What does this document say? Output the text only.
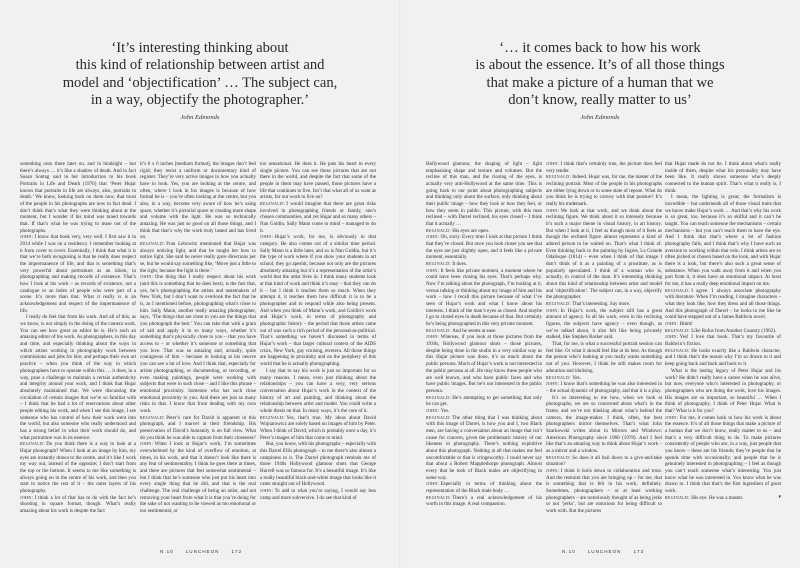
‘It’s interesting thinking about
this kind of relationship between artist and
model and ‘objectification’ … The subject can,
in a way, objectify the photographer.’
John Edmonds

something onto there later on, and in hindsight – but there’s always … it’s like a shadow of death. And in fact Susan Sontag said in her introduction to his book Portraits in Life and Death (1976) that ‘Peter Hujar knows that portraits in life are always, also, portraits in death.’ We know, looking back on them now, that most of the people in his photographs are now in fact dead. I don’t think that’s what they were thinking about at the moment, but I wonder if his mind was tuned towards that. If that’s what he was trying to tease out of the photographs.

john:I know that book very, very well. I first saw it in 2014 while I was on a residency. I remember looking at it from cover to cover. Essentially, I think that what it is that we’re both recognising is that he really does respect the impermanence of life, and that is something that’s very powerful about portraiture as an idiom, in photographing and making records of existence. That’s how I look at his work – as records of existence, not a catalogue or an index of people who were part of a scene. It’s more than that. What it really is is an acknowledgement and respect of the impermanence of life.

I really do feel that from his work. And all of this, as we know, is not simply in the doing of the camera work. You can see how great an editor he is. He’s such an amazing editor of his work. As photographers, in this day and time, and especially thinking about the ways in which artists working in photography work between commissions and jobs for hire, and perhaps their own art practice – when you think of the way in which photographers have to operate within this … it does, in a way, pose a challenge to maintain a certain authenticity and integrity around your work, and I think that Hujar absolutely maintained that. We were discussing the circulation of certain images that we’re so familiar with – I think that he had a lot of reservations about other people editing his work, and when I see this image, I see someone who has control of how their work went into the world, but also someone who really understood and has a strong belief in what their work should do, and what portraiture was in its essence.

reginald:Do you think there is a way to look at a Hujar photograph? When I look at an image by him, my eyes are instantly drawn to the centre, and it’s like I work my way out, instead of the opposite; I don’t start from the top or the bottom. It seems to me like something is always going on in the centre of his work, and then you start to notice the rest of it – the outer layers of his photography.

john:I think a lot of that has to do with the fact he’s shooting in square format, though. What’s really amazing about his work is despite the fact

it’s 6 x 6 inches [medium format], the images don’t feel rigid; they resist a uniform or documentary kind of register. They’re very active images in how you actually have to look. Yes, you are looking at the centre, and often, where I look in his images is because of how formal he is – you’re often looking at the centre, but you also, in a way, become very aware of how he’s using space, whether it’s pictorial space or creating more shape and volume with the light. He was so technically amazing. He was just so good on all those things, and I think that that’s why the work truly lasted and has lived on.

reginald:Fran Lebowitz mentioned that Hujar was always noticing light, and that he taught her how to notice light. She said he never really gave directions per se, but he would say something like, ‘Move just a little to the right, because the light is there.’

john:One thing that I really respect about his work (and this is something that he does best), is the fact that, yes, he’s photographing the artists and tastemakers of New York, but I don’t want to overlook the fact that he is, as I mentioned before, photographing what’s close to him. Sally Mann, another really amazing photographer, says, ‘The things that are close to you are the things that you photograph the best.’ You can take that with a grain of salt and apply it in so many ways, whether it’s something that’s physically close to you – that you have access to – or whether it’s someone or something that you love. That was so amazing and, actually, quite courageous of him – because in looking at his oeuvre you can see a lot of love. And I think that, especially for artists photographing, or documenting, or recording, or even making paintings, people were working with subjects that were in such close – and I like this phrase – emotional proximity. Someone who has such close emotional proximity to you. And there are just so many risks in that. I know that from dealing with my own work.

reginald:Peter’s care for David is apparent in this photograph, and I marvel at their friendship. His preservation of David’s humanity is on full view. What do you think he was able to capture from their closeness?

john:When I look at Hujar’s work, I’m sometimes overwhelmed by the kind of overflow of emotion, at times, in his work, and that it doesn’t look like there is any fear of sentimentality. I think he goes there at times, and there are pictures that feel somewhat sentimental – but I think that he’s someone who just put his heart into every single thing that he did, and that is the real challenge. The real challenge of being an artist, and not removing your heart from what it is that you’re doing for the sake of not wanting to be viewed as too emotional or too sentimental, or

too sensational. He does it. He puts his heart in every single picture. You can see those pictures that are out there in the world, and despite the fact that some of the people in them may have passed, those pictures have a life that continues to live. Isn’t that what all of us want as artists, for our work to live on?

reginald:I would imagine that there are great risks involved in photographing friends or family, one’s chosen communities, and yet Hujar and so many others – Nan Goldin, Sally Mann come to mind – managed to do it.

john:Hujar’s work, for me, is obviously in that category. He also comes out of a similar time period. Sally Mann is a little later, and so is Nan Goldin, but it’s the type of work where if you show your students in art school, they go apeshit, because not only are the pictures absolutely amazing but it’s a representation of the artist’s world that the artist lives in. I think many students look at that kind of work and think it’s easy – that they can do it – but I think it teaches them so much. When they attempt it, it teaches them how difficult it is to be a photographer and to respond while also being present. And when you think of Mann’s work, and Goldin’s work and Hujar’s work, in terms of photography and photographic history – the period that those artists came out of was such a rich period of the personal-as-political. That’s something we haven’t discussed in terms of Hujar’s work – that larger cultural context of the AIDS crisis, New York, gay cruising, etcetera. All those things are happening in proximity and on the periphery of this world that he is actually photographing.

I say that to say his work is just so important for so many reasons. I mean, even just thinking about the relationships – you can have a very, very serious conversation about Hujar’s work in the context of the history of art and painting, and thinking about the relationship between artist and model. You could write a whole thesis on that. In many ways, it’s the core of it.

reginald:Yes, that’s true. My ideas about David Wojnarowicz are solely based on images of him by Peter. When I think of David, which is probably once a day, it’s Peter’s images of him that come to mind.

But, you know, with his photographs – especially with this Darrel Ellis photograph – to me there’s also almost a campiness to it. The Darrel photograph reminds me of those 1940s Hollywood glamour shots that George Hurrell was so famous for. It’s a beautiful image. It’s like a really beautiful black-and-white image that looks like it came straight out of Hollywood.

john:To add to what you’re saying, I would say less camp and more subversive. I do see that kind of

N.10	LUNCHEON	172
‘… it comes back to how his work
is about the essence. It’s of all those things
that make a picture of a human that we
don’t know, really matter to us’
John Edmonds

Hollywood glamour, the shaping of light – light emphasising shape and texture and volumes. But the recline of this man, and the closing of the eyes, is actually very anti-Hollywood at the same time. This is going back to our point about photographing subjects and thinking only about the surface, only thinking about their public image – how they look or how they feel, or how they seem in public. This picture, with this man reclined – with Darrel reclined, his eyes closed – I think that it actually …

reginald:His eyes are open.

john:Oh, sorry. Every time I look at that picture I think that they’re closed. But once you look closer you see that the eyes are just slightly open, and it feels like a private moment, essentially.

reginald:It does.

john:It feels like private moment, a moment where he could have been closing his eyes. That’s perhaps why. Now I’m talking about the photograph, I’m looking at it, versus talking or thinking about my image of him and his work – how I recall this picture because of what I’ve seen of Hujar’s work and what I know about his interests. I think of the man’s eyes as closed. And maybe I go to closed eyes in death because of that. But certainly he’s being photographed in this very private moment.

reginald:And he seems at ease.

john:Whereas, if you look at those pictures from the 1930s, Hollywood glamour shots – those pictures, despite being done in the studio in a very similar way as this Hujar picture was done, it’s so much about the public persona. Much of Hujar’s work is not interested in the public persona at all. He may know these people who are well known, and who have public faces and who have public images. But he’s not interested in the public persona.

reginald:He’s attempting to get something that only he can get.

john:Yes.

reginald:The other thing that I was thinking about with this image of Darrel, is how you and I, two Black men, are having a conversation about an image that isn’t cause for concern, given the problematic history of our likeness in photography. There’s nothing exploitive about this photograph. Nothing at all that makes me feel uncomfortable or that is cringeworthy. I could never say that about a Robert Mapplethorpe photograph. Almost every that he took of Black males are objectifying in some way.

john:Especially in terms of thinking about the representation of the Black male body …

reginald:There’s a real acknowledgement of his worth in this image. A real compassion.

john:I think that’s certainly true, the picture does feel very tender.

reginald:Indeed. Hujar was, for me, the master of the reclining portrait. Most of the people in his photographs are either lying down or in some state of repose. What do you think he is trying to convey with that posture? It’s really his trademark.

john:We look at that work, and we think about the reclining figure. We think about it so intensely because it’s such a major theme in visual history, in art history. But when I look at it, I feel as though most of it feels as though the reclined figure almost represents a kind of adored person to be waited on. That’s what I think of. Even thinking back to the painting by Ingres, La Grande Odalisque (1814) – even when I think of that image I don’t think of it as a painting of a prostitute, as is popularly speculated. I think of a woman who is, actually, in control of the man. It’s interesting thinking about this kind of relationship between artist and model and ‘objectification’. The subject can, in a way, objectify the photographer.

reginald:That’s interesting. Say more.

john:In Hujar’s work, the subject still has a great amount of agency. In all his work, even in his reclining figures, the subjects have agency – even though, as we’ve talked about, it also felt like being privately stalked, like Stephen Barker said.

That, for me, is what a successful portrait session can feel like. Or what it should feel like at its best. As though the person who’s looking at you really wants something out of you. However, I think he still makes room for adoration and idolising.

reginald:Yes.

john:I know that’s something he was also interested in – the actual dynamic of photography, and that it is a play.

It’s so interesting to me how, when we look at photographs, we are so concerned about what’s in the frame, and we’re not thinking about what’s behind the camera, the image-maker. I think, often, the best photographers mirror themselves. That’s what John Szarkowski writes about in Mirrors and Windows: American Photography since 1960 (1978). And I feel like that’s an amazing way to think about Hujar’s work – as a mirror and a window.

reginald:So does it all boil down to a give-and-take situation?

john:I think it boils down to collaboration and trust. And the restraint that you are bringing up – for me, that is something that is felt in his work, definitely. Sometimes, photographers – or at least working photographers – are notoriously thought of as being jerks or not ‘jerks’, but are notorious for being difficult to work with. But the pictures

that Hujar made do not lie. I think about what’s really inside of them, despite what his personality may have been like. It really shows someone who’s deeply connected to the human spirit. That’s what it really is, I think.

I mean, the lighting is great; the formalism is incredible – but underneath all of those visual traits that we know make Hujar’s work … And that’s why his work is so great, too, because it’s so skilful and it can’t be taught. You can teach someone the mechanisms – certain mechanisms – but you can’t teach them to have the eye. And I think that that’s where a lot of fashion photography fails, and I think that’s why I have such an aversion to working within that vein. I think artists are so often picked or chosen based on the look, and with Hujar there is a look, but there’s also such a great sense of substance. When you walk away from it and when you part from it, it does have an emotional impact. At least for me, it has a really deep emotional impact on me.

reginald:I agree. I always associate photography with literature. When I’m reading, I imagine characters – what they look like, how they dress and all those things. And this photograph of Darrel – he looks to me like he could have stepped out of a James Baldwin novel.

john:Hmm!

reginald:Like Rufus from Another Country (1962).

john:Yes! I love that book. That’s my favourite of Baldwin’s fiction.

reginald:He looks exactly like a Baldwin character, and I think that’s the reason why I’m so drawn to it and keep going back and back and back to it.

What is the lasting legacy of Peter Hujar and his work? He didn’t really have a career when he was alive, but now, everyone who’s interested in photography, or photographers who are doing the work, love his images. His images are so important, so beautiful … When I think of photography, I think of Peter Hujar. What is that? What is it for you?

john:For me, it comes back to how his work is about the essence. It’s of all those things that make a picture of a human that we don’t know, really matter to us – and that’s a very difficult thing to do. To make pictures consistently of people who are, in a way, just people that you know – these are his friends; they’re people that he spends time with occasionally; and people that he is genuinely interested in photographing – I feel as though you can’t teach someone what’s interesting. You just know what he was interested in. You know what he was drawn to. I think that that’s the first ingredient of great work.

reginald:His eye. He was a master.	▾

N.10	LUNCHEON	173
